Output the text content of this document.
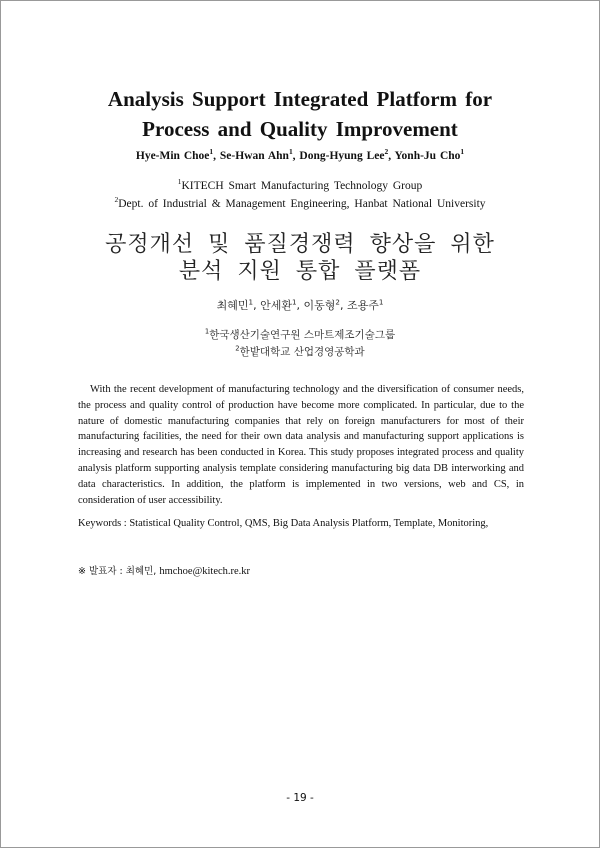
Analysis Support Integrated Platform for
Process and Quality Improvement
Hye-Min Choe$^1$, Se-Hwan Ahn$^1$, Dong-Hyung Lee$^2$, Yonh-Ju Cho$^1$
$^1$KITECH Smart Manufacturing Technology Group
$^2$Dept. of Industrial & Management Engineering, Hanbat National University
공정개선 및 품질경쟁력 향상을 위한
분석 지원 통합 플랫폼
최혜민$^1$, 안세환$^1$, 이동형$^2$, 조용주$^1$
$^1$한국생산기술연구원 스마트제조기술그룹
$^2$한밭대학교 산업경영공학과

With the recent development of manufacturing technology and the diversification of consumer needs, the process and quality control of production have become more complicated. In particular, due to the nature of domestic manufacturing companies that rely on foreign manufacturers for most of their manufacturing facilities, the need for their own data analysis and manufacturing support applications is increasing and research has been conducted in Korea. This study proposes integrated process and quality analysis platform supporting analysis template considering manufacturing big data DB interworking and data characteristics. In addition, the platform is implemented in two versions, web and CS, in consideration of user accessibility.

Keywords : Statistical Quality Control, QMS, Big Data Analysis Platform, Template, Monitoring,
※ 발표자 : 최혜민, hmchoe@kitech.re.kr
- 19 -
